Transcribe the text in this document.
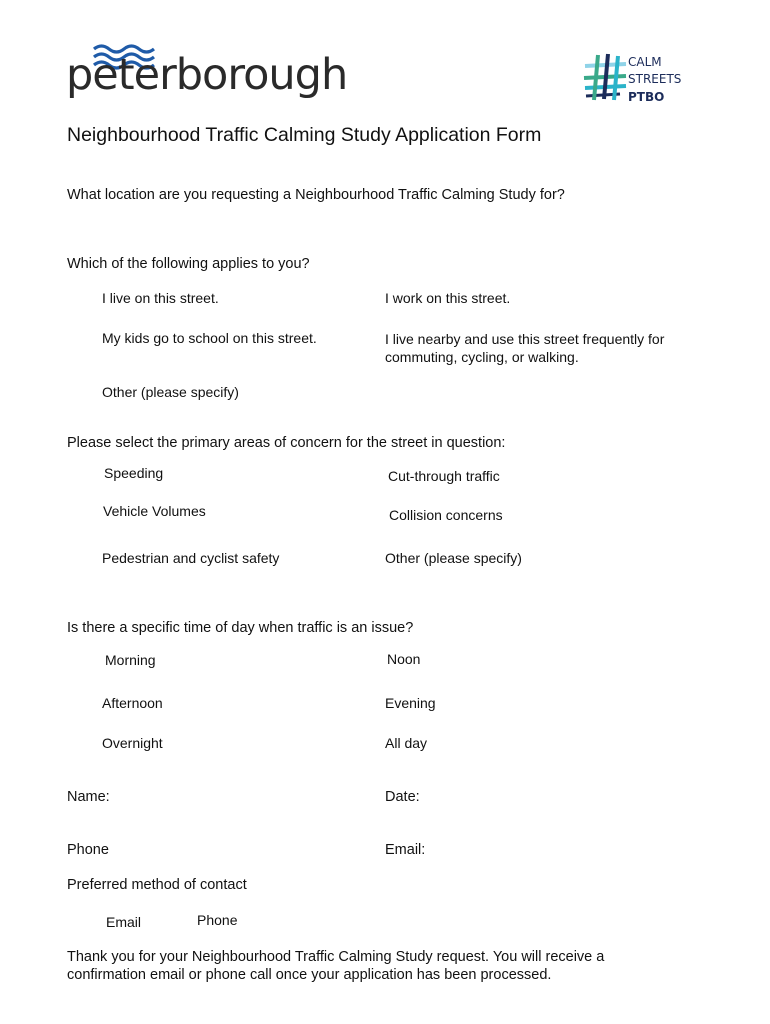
peterborough	CALM
STREETS
PTBO
Neighbourhood Traffic Calming Study Application Form
What location are you requesting a Neighbourhood Traffic Calming Study for?
Which of the following applies to you?
I live on this street.	I work on this street.
My kids go to school on this street.	I live nearby and use this street frequently for commuting, cycling, or walking.
Other (please specify)
Please select the primary areas of concern for the street in question:
Speeding	Cut-through traffic
Vehicle Volumes	Collision concerns
Pedestrian and cyclist safety	Other (please specify)
Is there a specific time of day when traffic is an issue?
Morning	Noon
Afternoon	Evening
Overnight	All day
Name:	Date:
Phone	Email:
Preferred method of contact
Email	Phone
Thank you for your Neighbourhood Traffic Calming Study request. You will receive a confirmation email or phone call once your application has been processed.
